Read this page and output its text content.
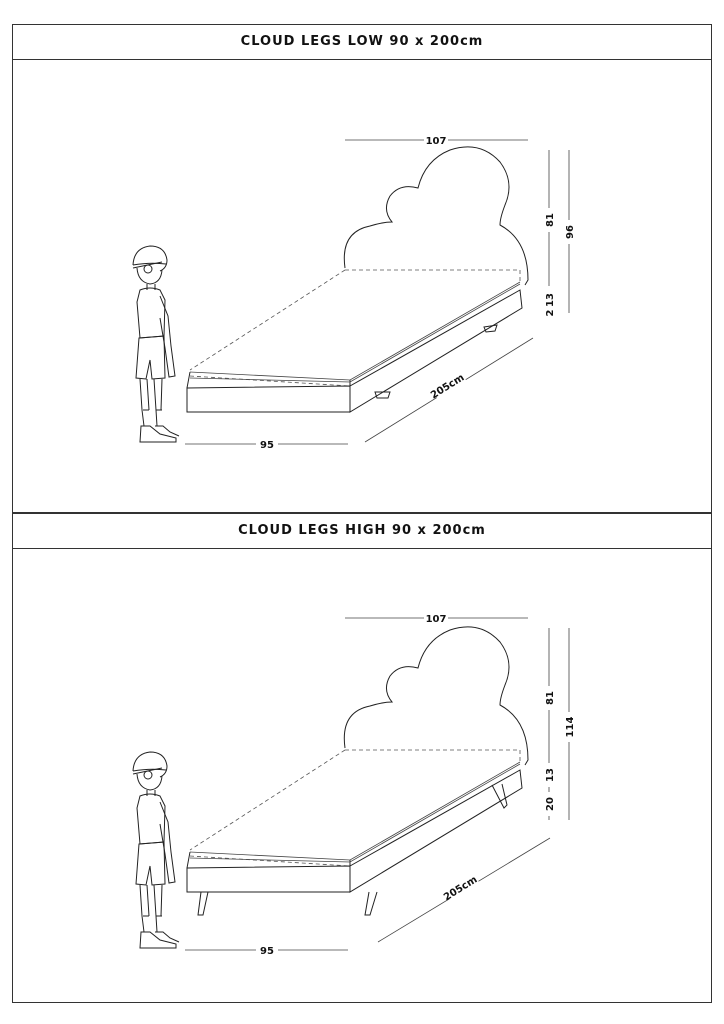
CLOUD LEGS LOW 90 x 200cm
CLOUD LEGS HIGH 90 x 200cm
107
81
96
13
2
205cm
95
107
81
114
13
20
205cm
95
